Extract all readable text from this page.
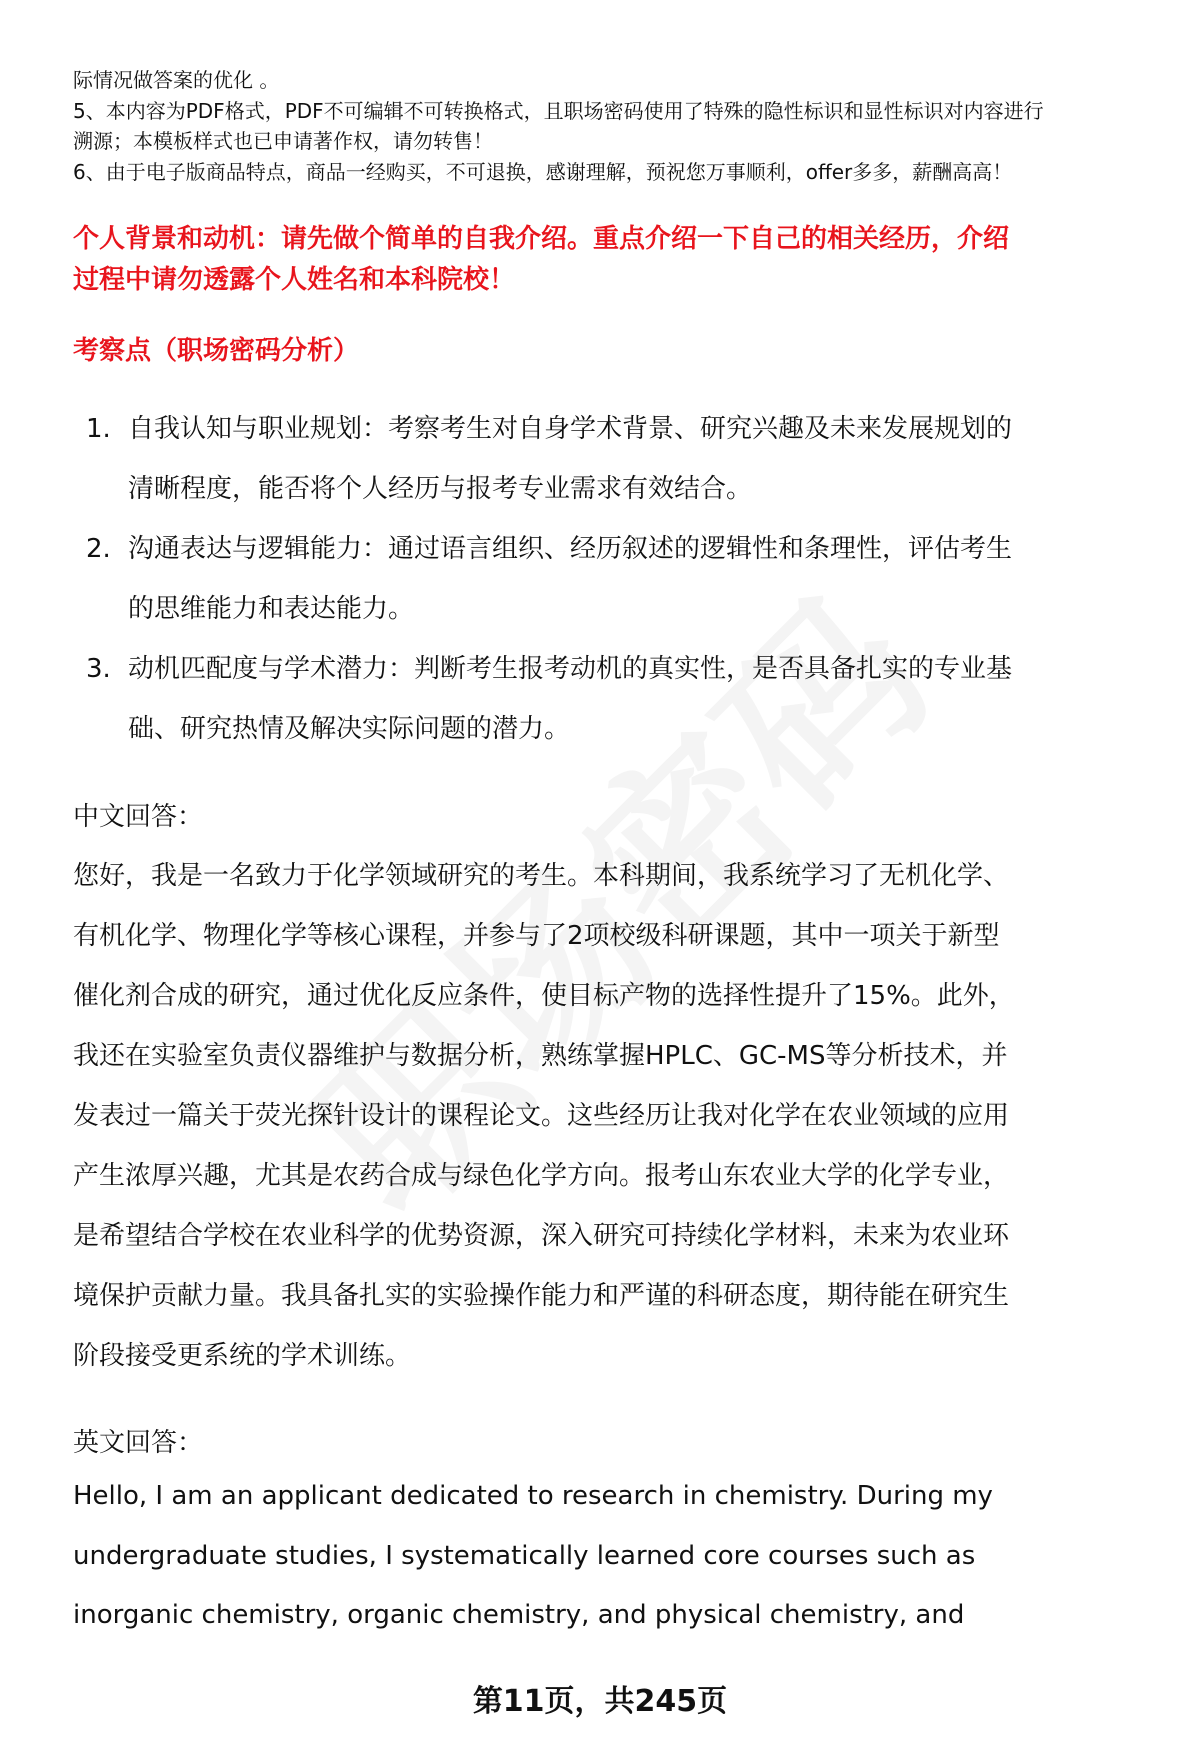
际情况做答案的优化 。
5、本内容为PDF格式，PDF不可编辑不可转换格式，且职场密码使用了特殊的隐性标识和显性标识对内容进行
溯源；本模板样式也已申请著作权，请勿转售！
6、由于电子版商品特点，商品一经购买，不可退换，感谢理解，预祝您万事顺利，offer多多，薪酬高高！
个人背景和动机：请先做个简单的自我介绍。重点介绍一下自己的相关经历，介绍
过程中请勿透露个人姓名和本科院校！
考察点（职场密码分析）
1. 自我认知与职业规划：考察考生对自身学术背景、研究兴趣及未来发展规划的
清晰程度，能否将个人经历与报考专业需求有效结合。
2. 沟通表达与逻辑能力：通过语言组织、经历叙述的逻辑性和条理性，评估考生
的思维能力和表达能力。
3. 动机匹配度与学术潜力：判断考生报考动机的真实性，是否具备扎实的专业基
础、研究热情及解决实际问题的潜力。
中文回答：
您好，我是一名致力于化学领域研究的考生。本科期间，我系统学习了无机化学、
有机化学、物理化学等核心课程，并参与了2项校级科研课题，其中一项关于新型
催化剂合成的研究，通过优化反应条件，使目标产物的选择性提升了15%。此外，
我还在实验室负责仪器维护与数据分析，熟练掌握HPLC、GC-MS等分析技术，并
发表过一篇关于荧光探针设计的课程论文。这些经历让我对化学在农业领域的应用
产生浓厚兴趣，尤其是农药合成与绿色化学方向。报考山东农业大学的化学专业，
是希望结合学校在农业科学的优势资源，深入研究可持续化学材料，未来为农业环
境保护贡献力量。我具备扎实的实验操作能力和严谨的科研态度，期待能在研究生
阶段接受更系统的学术训练。
英文回答：
Hello, I am an applicant dedicated to research in chemistry. During my
undergraduate studies, I systematically learned core courses such as
inorganic chemistry, organic chemistry, and physical chemistry, and
第11页，共245页
